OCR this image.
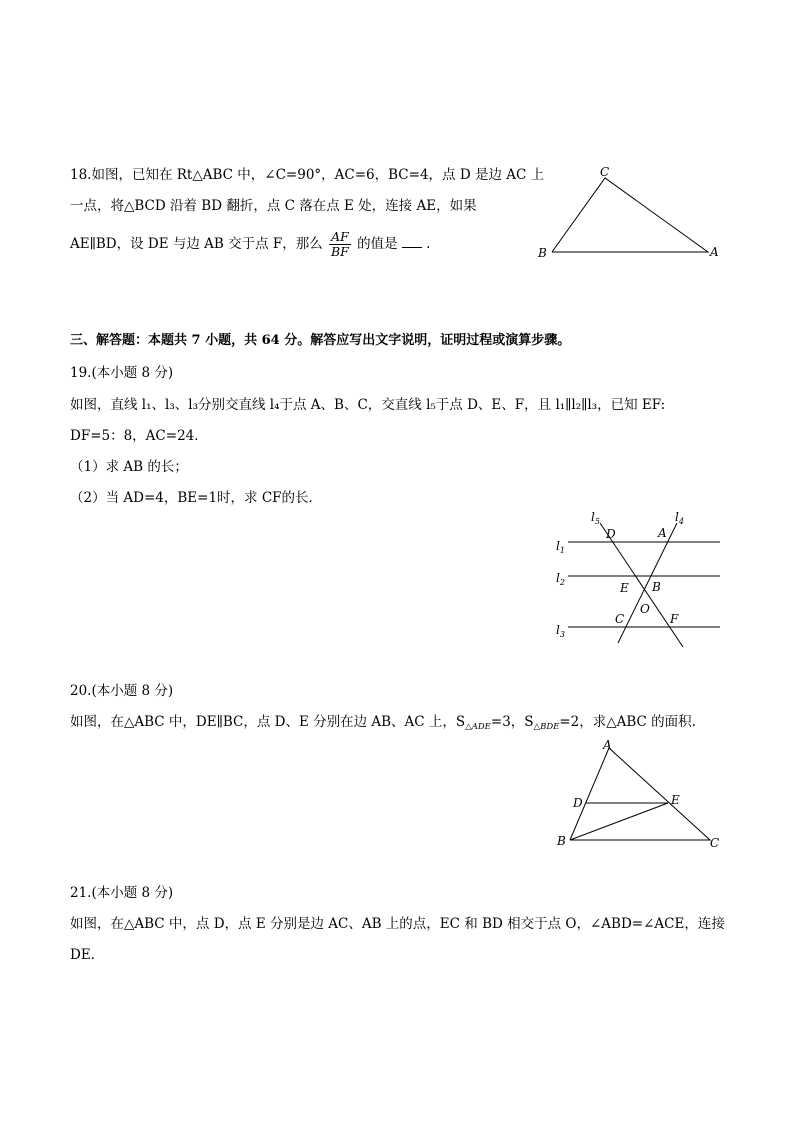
18.如图，已知在 Rt△ABC 中，∠C=90°，AC=6，BC=4，点 D 是边 AC 上
一点，将△BCD 沿着 BD 翻折，点 C 落在点 E 处，连接 AE，如果
AE∥BD，设 DE 与边 AB 交于点 F，那么 $\frac{AF}{BF}$ 的值是 .
C
B	A
三、解答题：本题共 7 小题，共 64 分。解答应写出文字说明，证明过程或演算步骤。
19.(本小题 8 分)
如图，直线 l₁、l₃、l₃分别交直线 l₄于点 A、B、C，交直线 l₅于点 D、E、F，且 l₁∥l₂∥l₃，已知 EF:
DF=5：8，AC=24．
（1）求 AB 的长；
（2）当 AD=4，BE=1时，求 CF的长．
$l_1$
$l_2$
$l_3$
$l_4$
$l_5$
D	A
E B
O
C	F
20.(本小题 8 分)
如图，在△ABC 中，DE∥BC，点 D、E 分别在边 AB、AC 上，$S_{\triangle ADE}=3$，$S_{\triangle BDE}=2$，求△ABC 的面积.
A
D	E
B	C
21.(本小题 8 分)
如图，在△ABC 中，点 D，点 E 分别是边 AC、AB 上的点，EC 和 BD 相交于点 O，∠ABD=∠ACE，连接
DE.
